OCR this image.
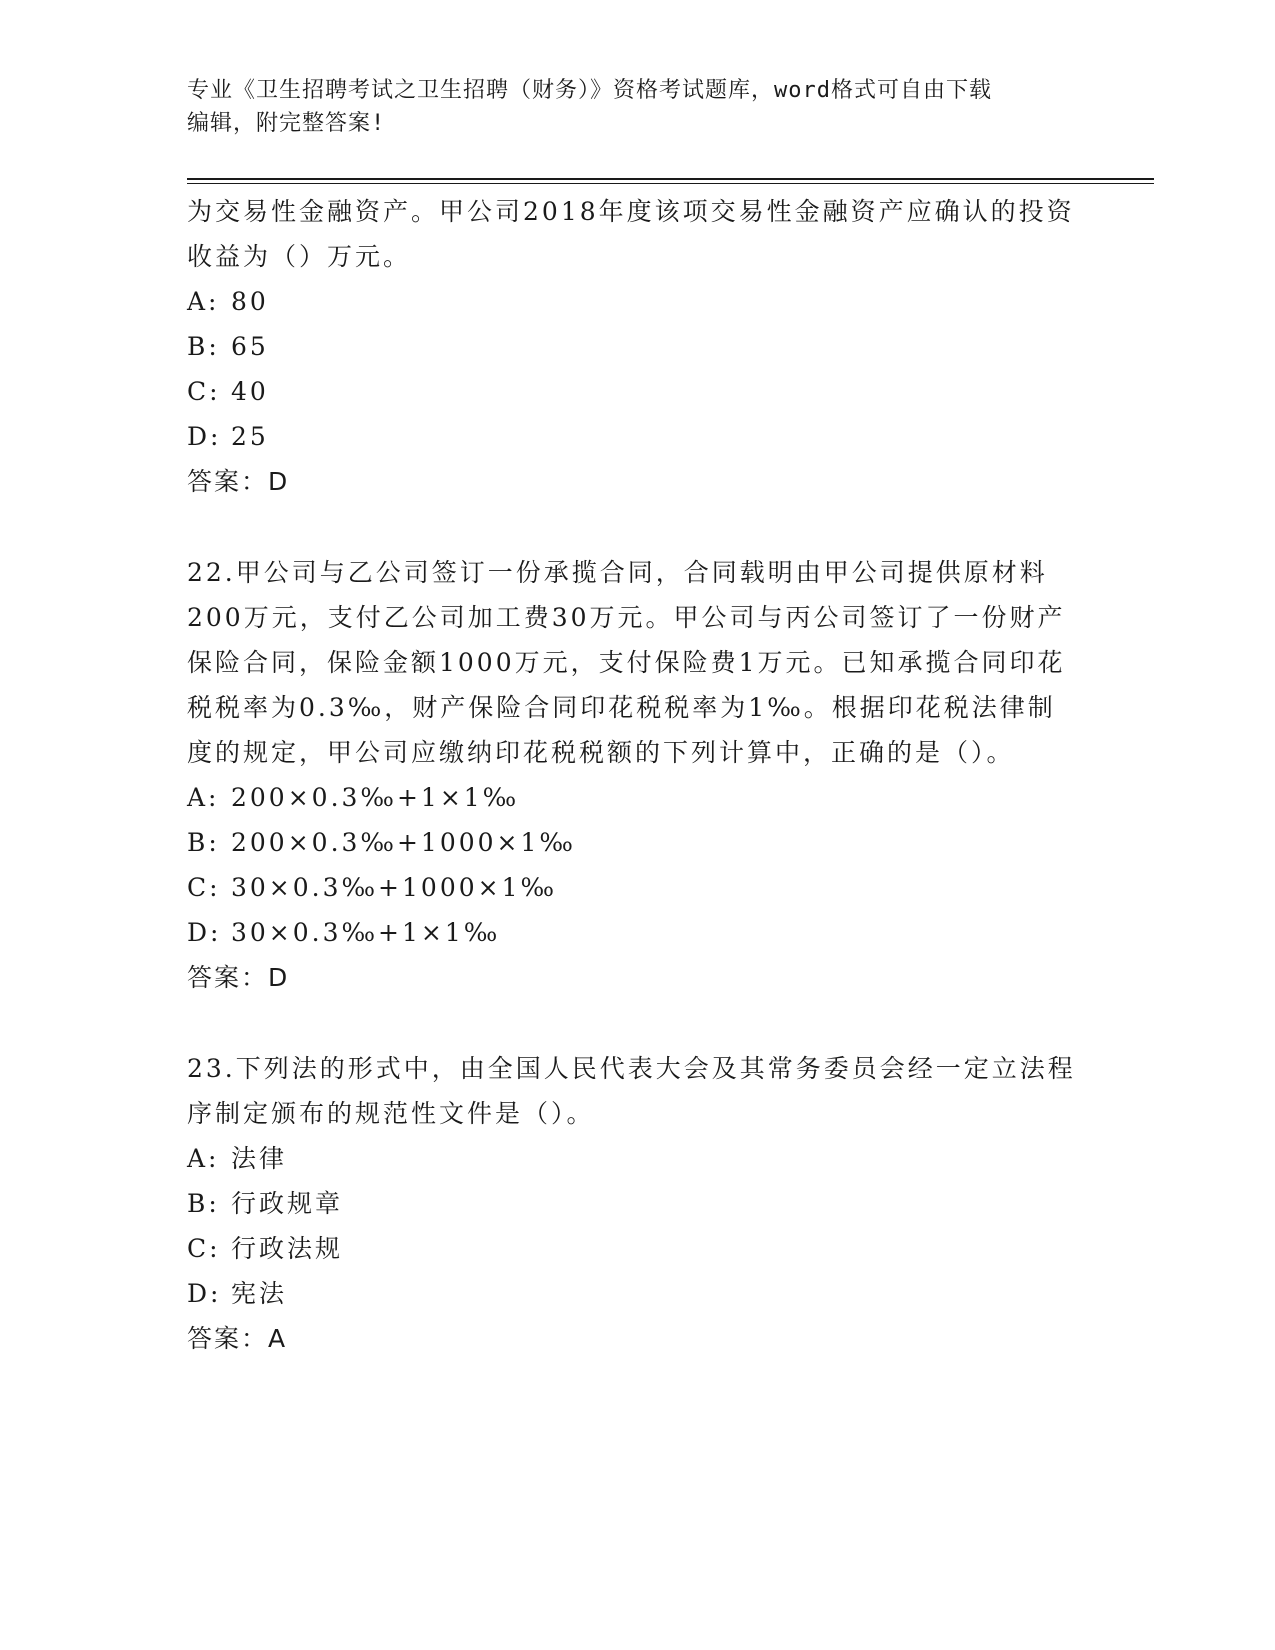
专业《卫生招聘考试之卫生招聘（财务）》资格考试题库，word格式可自由下载
编辑，附完整答案!
为交易性金融资产。甲公司2018年度该项交易性金融资产应确认的投资收益为（）万元。
A: 80
B: 65
C: 40
D: 25
答案：D
22.甲公司与乙公司签订一份承揽合同，合同载明由甲公司提供原材料200万元，支付乙公司加工费30万元。甲公司与丙公司签订了一份财产保险合同，保险金额1000万元，支付保险费1万元。已知承揽合同印花税税率为0.3‰，财产保险合同印花税税率为1‰。根据印花税法律制度的规定，甲公司应缴纳印花税税额的下列计算中，正确的是（）。
A: 200×0.3‰+1×1‰
B: 200×0.3‰+1000×1‰
C: 30×0.3‰+1000×1‰
D: 30×0.3‰+1×1‰
答案：D
23.下列法的形式中，由全国人民代表大会及其常务委员会经一定立法程序制定颁布的规范性文件是（）。
A: 法律
B: 行政规章
C: 行政法规
D: 宪法
答案：A
